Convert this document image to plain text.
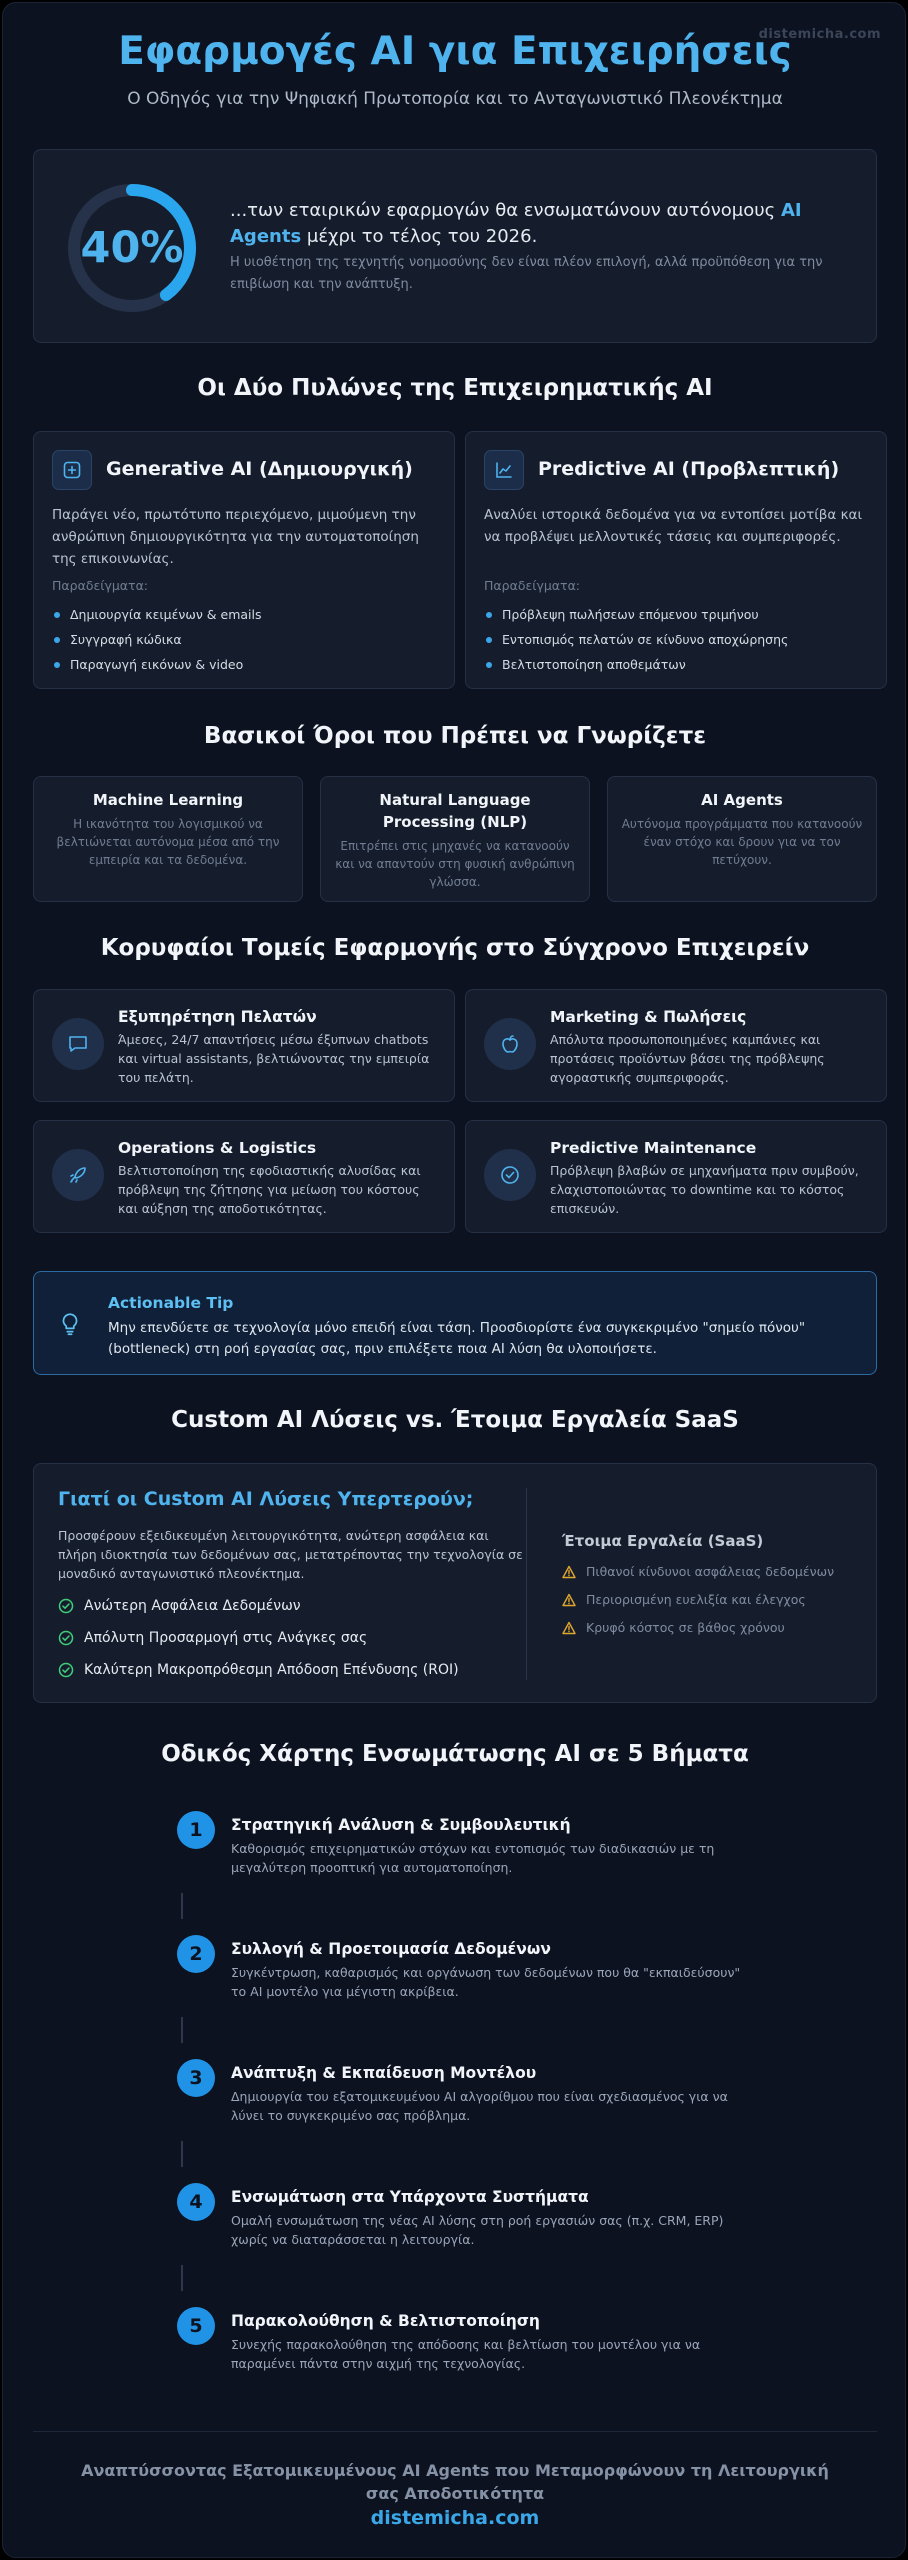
distemicha.com
Εφαρμογές AI για Επιχειρήσεις
Ο Οδηγός για την Ψηφιακή Πρωτοπορία και το Ανταγωνιστικό Πλεονέκτημα
40%
...των εταιρικών εφαρμογών θα ενσωματώνουν αυτόνομους AI Agents μέχρι το τέλος του 2026.
Η υιοθέτηση της τεχνητής νοημοσύνης δεν είναι πλέον επιλογή, αλλά προϋπόθεση για την επιβίωση και την ανάπτυξη.
Οι Δύο Πυλώνες της Επιχειρηματικής AI
Generative AI (Δημιουργική)
Παράγει νέο, πρωτότυπο περιεχόμενο, μιμούμενη την ανθρώπινη δημιουργικότητα για την αυτοματοποίηση της επικοινωνίας.
Παραδείγματα:
Δημιουργία κειμένων & emails
Συγγραφή κώδικα
Παραγωγή εικόνων & video
Predictive AI (Προβλεπτική)
Αναλύει ιστορικά δεδομένα για να εντοπίσει μοτίβα και να προβλέψει μελλοντικές τάσεις και συμπεριφορές.
Παραδείγματα:
Πρόβλεψη πωλήσεων επόμενου τριμήνου
Εντοπισμός πελατών σε κίνδυνο αποχώρησης
Βελτιστοποίηση αποθεμάτων
Βασικοί Όροι που Πρέπει να Γνωρίζετε
Machine Learning
Η ικανότητα του λογισμικού να βελτιώνεται αυτόνομα μέσα από την εμπειρία και τα δεδομένα.
Natural Language Processing (NLP)
Επιτρέπει στις μηχανές να κατανοούν και να απαντούν στη φυσική ανθρώπινη γλώσσα.
AI Agents
Αυτόνομα προγράμματα που κατανοούν έναν στόχο και δρουν για να τον πετύχουν.
Κορυφαίοι Τομείς Εφαρμογής στο Σύγχρονο Επιχειρείν
Εξυπηρέτηση Πελατών
Άμεσες, 24/7 απαντήσεις μέσω έξυπνων chatbots και virtual assistants, βελτιώνοντας την εμπειρία του πελάτη.
Marketing & Πωλήσεις
Απόλυτα προσωποποιημένες καμπάνιες και προτάσεις προϊόντων βάσει της πρόβλεψης αγοραστικής συμπεριφοράς.
Operations & Logistics
Βελτιστοποίηση της εφοδιαστικής αλυσίδας και πρόβλεψη της ζήτησης για μείωση του κόστους και αύξηση της αποδοτικότητας.
Predictive Maintenance
Πρόβλεψη βλαβών σε μηχανήματα πριν συμβούν, ελαχιστοποιώντας το downtime και το κόστος επισκευών.
Actionable Tip
Μην επενδύετε σε τεχνολογία μόνο επειδή είναι τάση. Προσδιορίστε ένα συγκεκριμένο "σημείο πόνου" (bottleneck) στη ροή εργασίας σας, πριν επιλέξετε ποια AI λύση θα υλοποιήσετε.
Custom AI Λύσεις vs. Έτοιμα Εργαλεία SaaS
Γιατί οι Custom AI Λύσεις Υπερτερούν;
Προσφέρουν εξειδικευμένη λειτουργικότητα, ανώτερη ασφάλεια και πλήρη ιδιοκτησία των δεδομένων σας, μετατρέποντας την τεχνολογία σε μοναδικό ανταγωνιστικό πλεονέκτημα.
Ανώτερη Ασφάλεια Δεδομένων
Απόλυτη Προσαρμογή στις Ανάγκες σας
Καλύτερη Μακροπρόθεσμη Απόδοση Επένδυσης (ROI)
Έτοιμα Εργαλεία (SaaS)
Πιθανοί κίνδυνοι ασφάλειας δεδομένων
Περιορισμένη ευελιξία και έλεγχος
Κρυφό κόστος σε βάθος χρόνου
Οδικός Χάρτης Ενσωμάτωσης AI σε 5 Βήματα
1	Στρατηγική Ανάλυση & Συμβουλευτική
Καθορισμός επιχειρηματικών στόχων και εντοπισμός των διαδικασιών με τη μεγαλύτερη προοπτική για αυτοματοποίηση.
2	Συλλογή & Προετοιμασία Δεδομένων
Συγκέντρωση, καθαρισμός και οργάνωση των δεδομένων που θα "εκπαιδεύσουν" το AI μοντέλο για μέγιστη ακρίβεια.
3	Ανάπτυξη & Εκπαίδευση Μοντέλου
Δημιουργία του εξατομικευμένου AI αλγορίθμου που είναι σχεδιασμένος για να λύνει το συγκεκριμένο σας πρόβλημα.
4	Ενσωμάτωση στα Υπάρχοντα Συστήματα
Ομαλή ενσωμάτωση της νέας AI λύσης στη ροή εργασιών σας (π.χ. CRM, ERP) χωρίς να διαταράσσεται η λειτουργία.
5	Παρακολούθηση & Βελτιστοποίηση
Συνεχής παρακολούθηση της απόδοσης και βελτίωση του μοντέλου για να παραμένει πάντα στην αιχμή της τεχνολογίας.
Αναπτύσσοντας Εξατομικευμένους AI Agents που Μεταμορφώνουν τη Λειτουργική σας Αποδοτικότητα
distemicha.com
